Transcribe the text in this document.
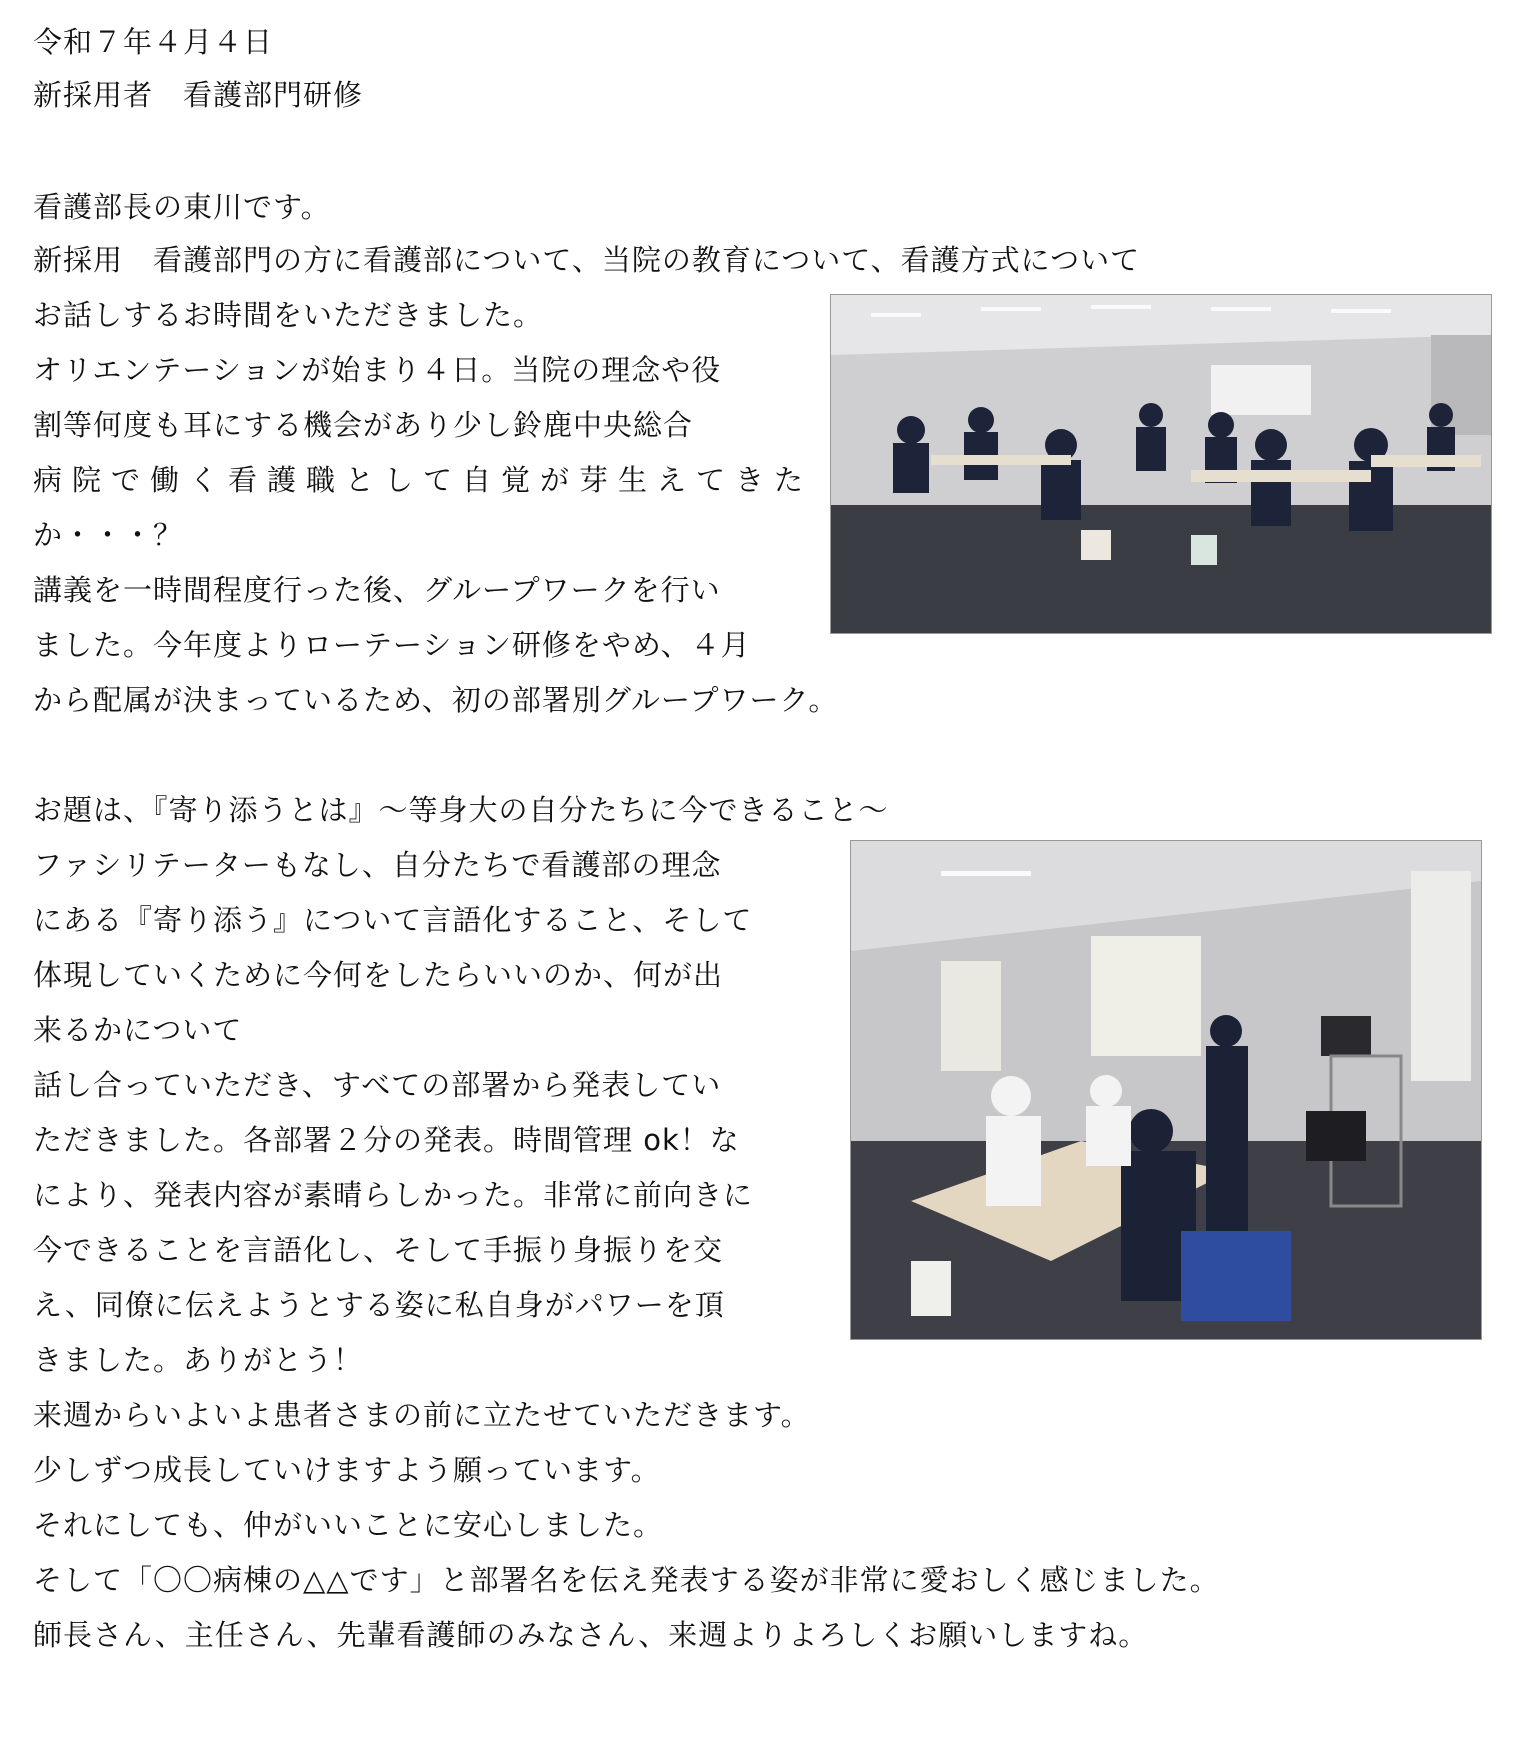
令和７年４月４日
新採用者　看護部門研修
看護部長の東川です。
新採用　看護部門の方に看護部について、当院の教育について、看護方式について
お話しするお時間をいただきました。
オリエンテーションが始まり４日。当院の理念や役
割等何度も耳にする機会があり少し鈴鹿中央総合
病院で働く看護職として自覚が芽生えてきた
か・・・？
講義を一時間程度行った後、グループワークを行い
ました。今年度よりローテーション研修をやめ、４月
から配属が決まっているため、初の部署別グループワーク。
お題は、『寄り添うとは』～等身大の自分たちに今できること～
ファシリテーターもなし、自分たちで看護部の理念
にある『寄り添う』について言語化すること、そして
体現していくために今何をしたらいいのか、何が出
来るかについて
話し合っていただき、すべての部署から発表してい
ただきました。各部署２分の発表。時間管理 ok！な
により、発表内容が素晴らしかった。非常に前向きに
今できることを言語化し、そして手振り身振りを交
え、同僚に伝えようとする姿に私自身がパワーを頂
きました。ありがとう！
来週からいよいよ患者さまの前に立たせていただきます。
少しずつ成長していけますよう願っています。
それにしても、仲がいいことに安心しました。
そして「〇〇病棟の△△です」と部署名を伝え発表する姿が非常に愛おしく感じました。
師長さん、主任さん、先輩看護師のみなさん、来週よりよろしくお願いしますね。
